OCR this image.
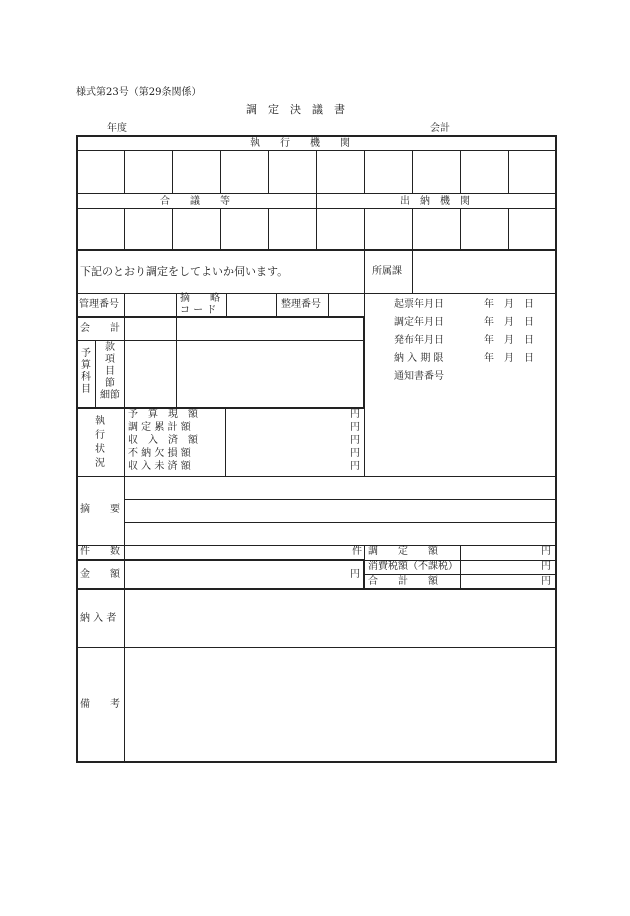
様式第23号（第29条関係）
調　定　決　議　書
年度	会計
執　　行　　機　　関
合　　議　　等	出　納　機　関
下記のとおり調定をしてよいか伺います。	所属課
管理番号
摘　　略
コ ー ド
整理番号
会　　計
予
算
科
目
款
項
目
節
細節
起票年月日	年　月　日
調定年月日	年　月　日
発布年月日	年　月　日
納 入 期 限	年　月　日
通知書番号
執
行
状
況
予　算　現　額	円
調 定 累 計 額	円
収　入　済　額	円
不 納 欠 損 額	円
収 入 未 済 額	円
摘　　要
件　　数	件 調　　定　　額	円
金　　額	円
消費税額（不課税）	円
合　　計　　額	円
納 入 者
備　　考
